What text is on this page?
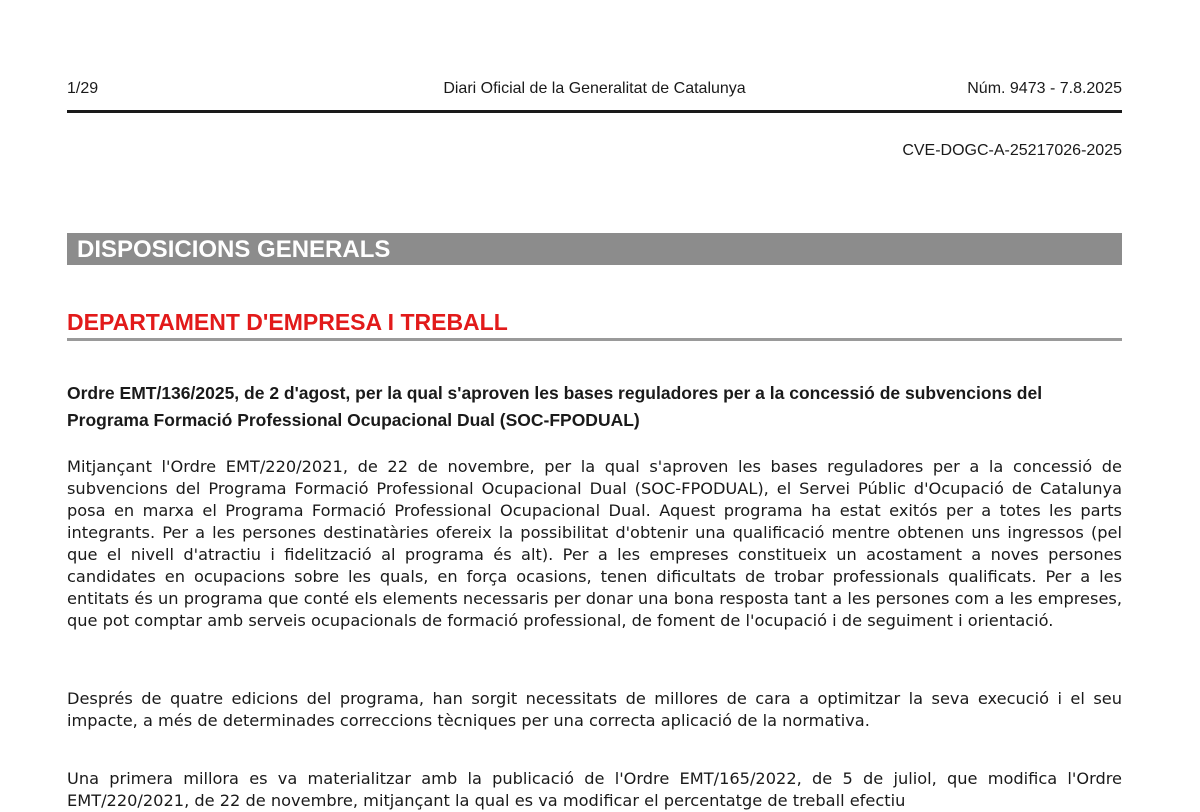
1/29	Diari Oficial de la Generalitat de Catalunya	Núm. 9473 - 7.8.2025
CVE-DOGC-A-25217026-2025
DISPOSICIONS GENERALS
DEPARTAMENT D'EMPRESA I TREBALL
Ordre EMT/136/2025, de 2 d'agost, per la qual s'aproven les bases reguladores per a la concessió de subvencions del Programa Formació Professional Ocupacional Dual (SOC-FPODUAL)

Mitjançant l'Ordre EMT/220/2021, de 22 de novembre, per la qual s'aproven les bases reguladores per a la concessió de subvencions del Programa Formació Professional Ocupacional Dual (SOC-FPODUAL), el Servei Públic d'Ocupació de Catalunya posa en marxa el Programa Formació Professional Ocupacional Dual. Aquest programa ha estat exitós per a totes les parts integrants. Per a les persones destinatàries ofereix la possibilitat d'obtenir una qualificació mentre obtenen uns ingressos (pel que el nivell d'atractiu i fidelització al programa és alt). Per a les empreses constitueix un acostament a noves persones candidates en ocupacions sobre les quals, en força ocasions, tenen dificultats de trobar professionals qualificats. Per a les entitats és un programa que conté els elements necessaris per donar una bona resposta tant a les persones com a les empreses, que pot comptar amb serveis ocupacionals de formació professional, de foment de l'ocupació i de seguiment i orientació.

Després de quatre edicions del programa, han sorgit necessitats de millores de cara a optimitzar la seva execució i el seu impacte, a més de determinades correccions tècniques per una correcta aplicació de la normativa.

Una primera millora es va materialitzar amb la publicació de l'Ordre EMT/165/2022, de 5 de juliol, que modifica l'Ordre EMT/220/2021, de 22 de novembre, mitjançant la qual es va modificar el percentatge de treball efectiu
